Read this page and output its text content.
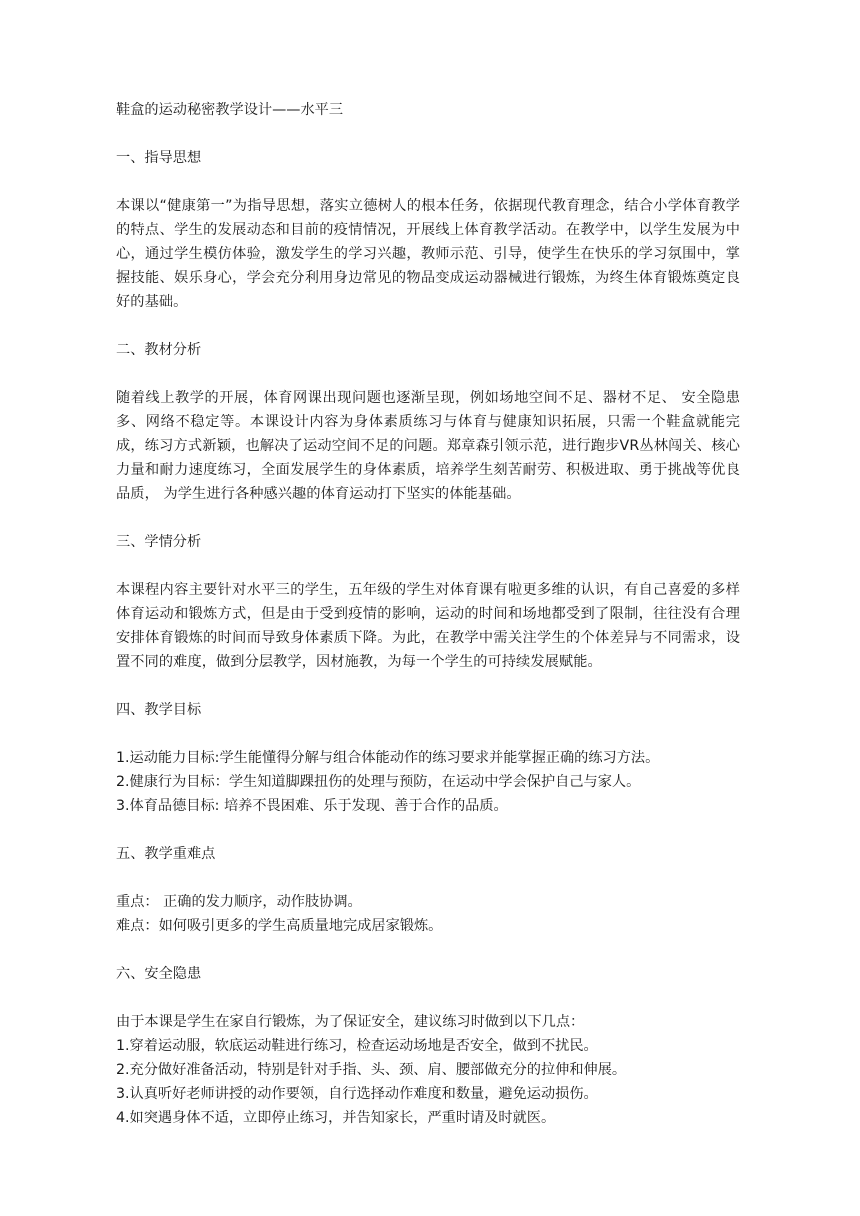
鞋盒的运动秘密教学设计——水平三

一、指导思想

本课以“健康第一”为指导思想，落实立德树人的根本任务，依据现代教育理念，结合小学体育教学的特点、学生的发展动态和目前的疫情情况，开展线上体育教学活动。在教学中，以学生发展为中心，通过学生模仿体验，激发学生的学习兴趣，教师示范、引导，使学生在快乐的学习氛围中，掌握技能、娱乐身心，学会充分利用身边常见的物品变成运动器械进行锻炼，为终生体育锻炼奠定良好的基础。

二、教材分析

随着线上教学的开展，体育网课出现问题也逐渐呈现，例如场地空间不足、器材不足、 安全隐患多、网络不稳定等。本课设计内容为身体素质练习与体育与健康知识拓展，只需一个鞋盒就能完成，练习方式新颖，也解决了运动空间不足的问题。郑章森引领示范，进行跑步VR丛林闯关、核心力量和耐力速度练习，全面发展学生的身体素质，培养学生刻苦耐劳、积极进取、勇于挑战等优良品质， 为学生进行各种感兴趣的体育运动打下坚实的体能基础。

三、学情分析

本课程内容主要针对水平三的学生，五年级的学生对体育课有啦更多维的认识，有自己喜爱的多样体育运动和锻炼方式，但是由于受到疫情的影响，运动的时间和场地都受到了限制，往往没有合理安排体育锻炼的时间而导致身体素质下降。为此，在教学中需关注学生的个体差异与不同需求，设置不同的难度，做到分层教学，因材施教，为每一个学生的可持续发展赋能。

四、教学目标

1.运动能力目标:学生能懂得分解与组合体能动作的练习要求并能掌握正确的练习方法。

2.健康行为目标：学生知道脚踝扭伤的处理与预防，在运动中学会保护自己与家人。

3.体育品德目标: 培养不畏困难、乐于发现、善于合作的品质。

五、教学重难点

重点： 正确的发力顺序，动作肢协调。

难点：如何吸引更多的学生高质量地完成居家锻炼。

六、安全隐患

由于本课是学生在家自行锻炼，为了保证安全，建议练习时做到以下几点：

1.穿着运动服，软底运动鞋进行练习，检查运动场地是否安全，做到不扰民。

2.充分做好准备活动，特别是针对手指、头、颈、肩、腰部做充分的拉伸和伸展。

3.认真听好老师讲授的动作要领，自行选择动作难度和数量，避免运动损伤。

4.如突遇身体不适，立即停止练习，并告知家长，严重时请及时就医。
